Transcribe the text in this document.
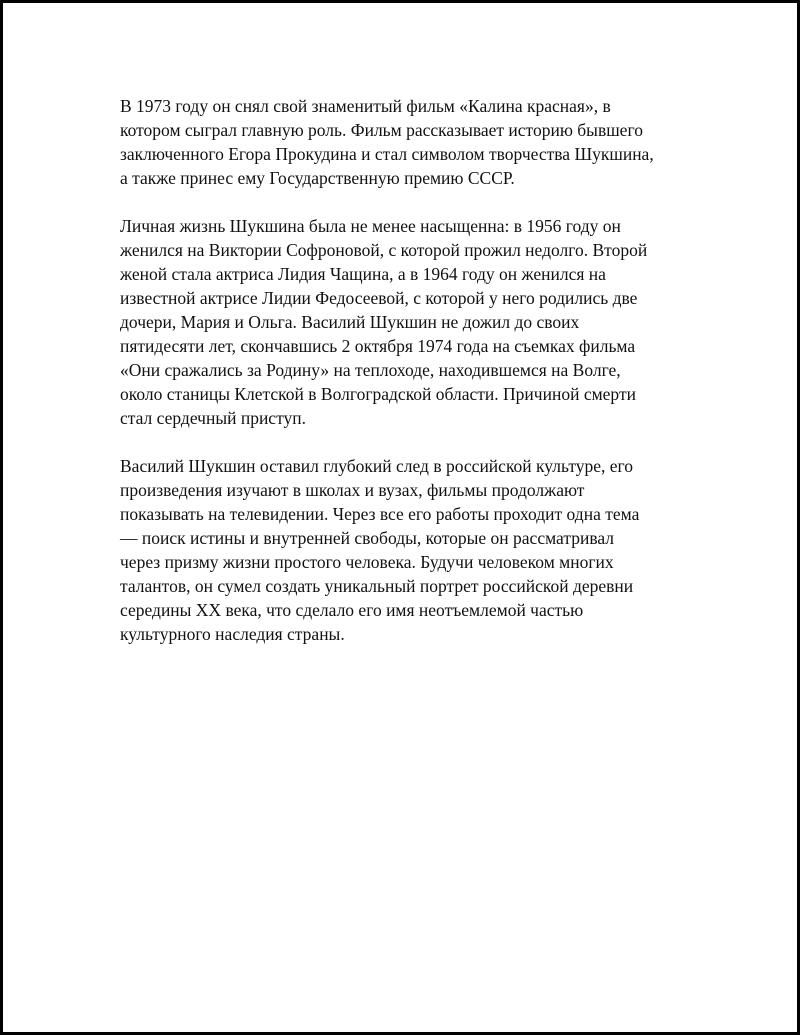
В 1973 году он снял свой знаменитый фильм «Калина красная», в
котором сыграл главную роль. Фильм рассказывает историю бывшего
заключенного Егора Прокудина и стал символом творчества Шукшина,
а также принес ему Государственную премию СССР.

Личная жизнь Шукшина была не менее насыщенна: в 1956 году он
женился на Виктории Софроновой, с которой прожил недолго. Второй
женой стала актриса Лидия Чащина, а в 1964 году он женился на
известной актрисе Лидии Федосеевой, с которой у него родились две
дочери, Мария и Ольга. Василий Шукшин не дожил до своих
пятидесяти лет, скончавшись 2 октября 1974 года на съемках фильма
«Они сражались за Родину» на теплоходе, находившемся на Волге,
около станицы Клетской в Волгоградской области. Причиной смерти
стал сердечный приступ.

Василий Шукшин оставил глубокий след в российской культуре, его
произведения изучают в школах и вузах, фильмы продолжают
показывать на телевидении. Через все его работы проходит одна тема
— поиск истины и внутренней свободы, которые он рассматривал
через призму жизни простого человека. Будучи человеком многих
талантов, он сумел создать уникальный портрет российской деревни
середины XX века, что сделало его имя неотъемлемой частью
культурного наследия страны.
